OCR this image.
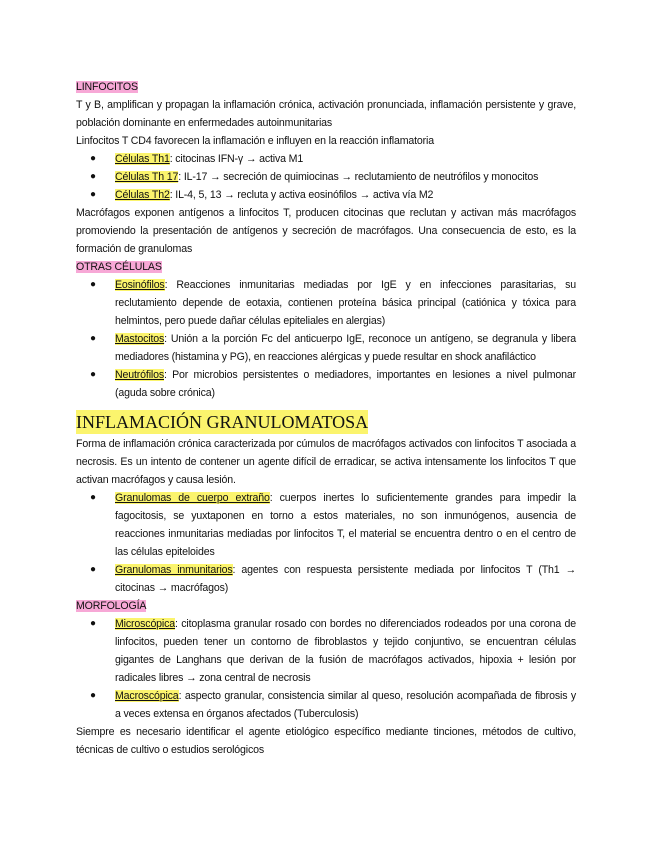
LINFOCITOS

T y B, amplifican y propagan la inflamación crónica, activación pronunciada, inflamación persistente y grave, población dominante en enfermedades autoinmunitarias

Linfocitos T CD4 favorecen la inflamación e influyen en la reacción inflamatoria

● Células Th1: citocinas IFN-γ → activa M1
● Células Th 17: IL-17 → secreción de quimiocinas → reclutamiento de neutrófilos y monocitos
● Células Th2: IL-4, 5, 13 → recluta y activa eosinófilos → activa vía M2

Macrófagos exponen antígenos a linfocitos T, producen citocinas que reclutan y activan más macrófagos promoviendo la presentación de antígenos y secreción de macrófagos. Una consecuencia de esto, es la formación de granulomas

OTRAS CÉLULAS
● Eosinófilos: Reacciones inmunitarias mediadas por IgE y en infecciones parasitarias, su reclutamiento depende de eotaxia, contienen proteína básica principal (catiónica y tóxica para helmintos, pero puede dañar células epiteliales en alergias)
● Mastocitos: Unión a la porción Fc del anticuerpo IgE, reconoce un antígeno, se degranula y libera mediadores (histamina y PG), en reacciones alérgicas y puede resultar en shock anafiláctico
● Neutrófilos: Por microbios persistentes o mediadores, importantes en lesiones a nivel pulmonar (aguda sobre crónica)
INFLAMACIÓN GRANULOMATOSA

Forma de inflamación crónica caracterizada por cúmulos de macrófagos activados con linfocitos T asociada a necrosis. Es un intento de contener un agente difícil de erradicar, se activa intensamente los linfocitos T que activan macrófagos y causa lesión.

● Granulomas de cuerpo extraño: cuerpos inertes lo suficientemente grandes para impedir la fagocitosis, se yuxtaponen en torno a estos materiales, no son inmunógenos, ausencia de reacciones inmunitarias mediadas por linfocitos T, el material se encuentra dentro o en el centro de las células epiteloides
● Granulomas inmunitarios: agentes con respuesta persistente mediada por linfocitos T (Th1 → citocinas → macrófagos)
MORFOLOGÍA
● Microscópica: citoplasma granular rosado con bordes no diferenciados rodeados por una corona de linfocitos, pueden tener un contorno de fibroblastos y tejido conjuntivo, se encuentran células gigantes de Langhans que derivan de la fusión de macrófagos activados, hipoxia + lesión por radicales libres → zona central de necrosis
● Macroscópica: aspecto granular, consistencia similar al queso, resolución acompañada de fibrosis y a veces extensa en órganos afectados (Tuberculosis)

Siempre es necesario identificar el agente etiológico específico mediante tinciones, métodos de cultivo, técnicas de cultivo o estudios serológicos
